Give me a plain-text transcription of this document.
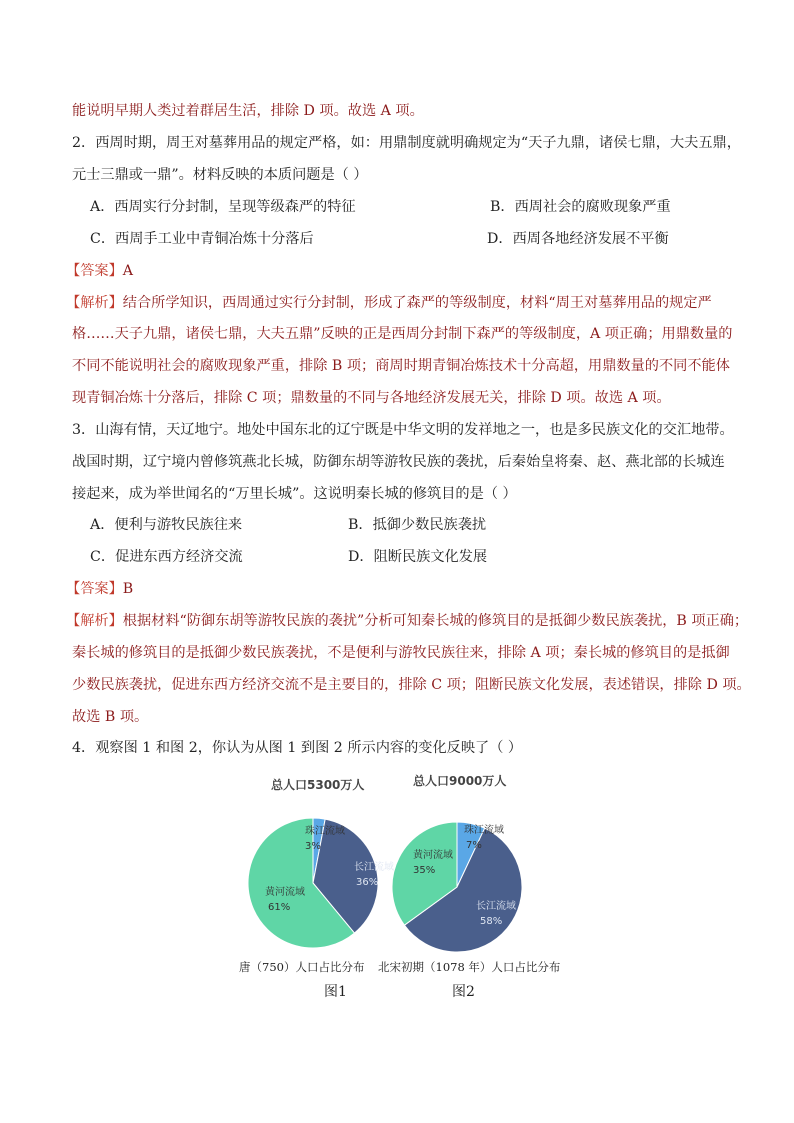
能说明早期人类过着群居生活，排除 D 项。故选 A 项。
2．西周时期，周王对墓葬用品的规定严格，如：用鼎制度就明确规定为“天子九鼎，诸侯七鼎，大夫五鼎，
元士三鼎或一鼎”。材料反映的本质问题是（ ）
A．西周实行分封制，呈现等级森严的特征	B．西周社会的腐败现象严重
C．西周手工业中青铜冶炼十分落后	D．西周各地经济发展不平衡
【答案】A
【解析】结合所学知识，西周通过实行分封制，形成了森严的等级制度，材料“周王对墓葬用品的规定严
格……天子九鼎，诸侯七鼎，大夫五鼎”反映的正是西周分封制下森严的等级制度，A 项正确；用鼎数量的
不同不能说明社会的腐败现象严重，排除 B 项；商周时期青铜冶炼技术十分高超，用鼎数量的不同不能体
现青铜冶炼十分落后，排除 C 项；鼎数量的不同与各地经济发展无关，排除 D 项。故选 A 项。
3．山海有情，天辽地宁。地处中国东北的辽宁既是中华文明的发祥地之一，也是多民族文化的交汇地带。
战国时期，辽宁境内曾修筑燕北长城，防御东胡等游牧民族的袭扰，后秦始皇将秦、赵、燕北部的长城连
接起来，成为举世闻名的“万里长城”。这说明秦长城的修筑目的是（ ）
A．便利与游牧民族往来	B．抵御少数民族袭扰
C．促进东西方经济交流	D．阻断民族文化发展
【答案】B
【解析】根据材料“防御东胡等游牧民族的袭扰”分析可知秦长城的修筑目的是抵御少数民族袭扰，B 项正确；
秦长城的修筑目的是抵御少数民族袭扰，不是便利与游牧民族往来，排除 A 项；秦长城的修筑目的是抵御
少数民族袭扰，促进东西方经济交流不是主要目的，排除 C 项；阻断民族文化发展，表述错误，排除 D 项。
故选 B 项。
4．观察图 1 和图 2，你认为从图 1 到图 2 所示内容的变化反映了（ ）
总人口5300万人	总人口9000万人
珠江流域
3%
长江流域
36%
黄河流域
61%
珠江流域
7%
长江流域
58%
黄河流域
35%
唐（750）人口占比分布 北宋初期（1078 年）人口占比分布
图1	图2
